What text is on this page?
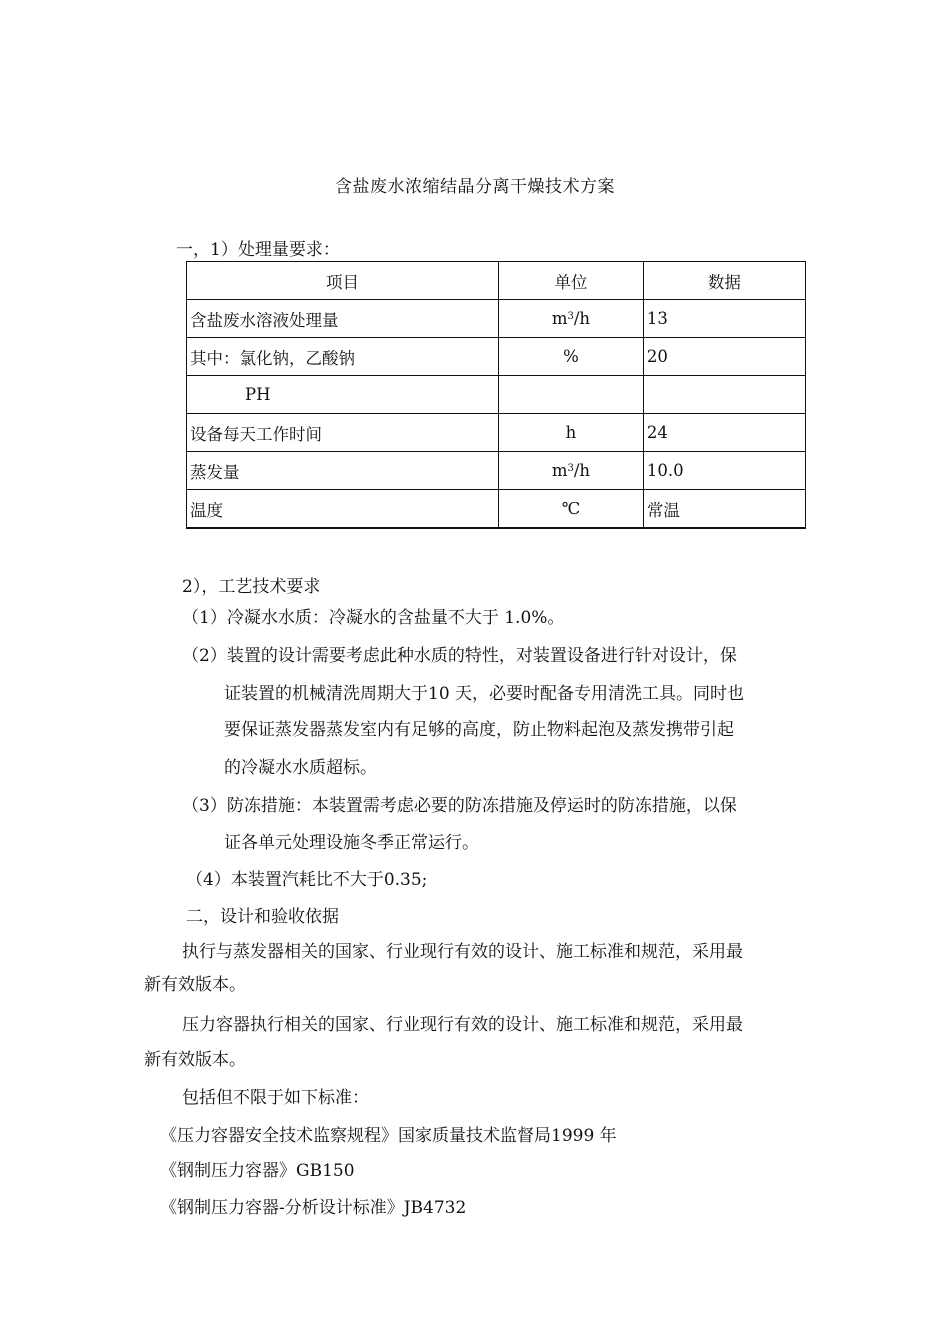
含盐废水浓缩结晶分离干燥技术方案
一，1）处理量要求：
项目	单位	数据
含盐废水溶液处理量	$m^3/h$	13
其中：氯化钠，乙酸钠	%	20
PH		
设备每天工作时间	h	24
蒸发量	$m^3/h$	10.0
温度	℃	常温
2），工艺技术要求
（1）冷凝水水质：冷凝水的含盐量不大于 1.0%。
（2）装置的设计需要考虑此种水质的特性，对装置设备进行针对设计，保
证装置的机械清洗周期大于10 天，必要时配备专用清洗工具。同时也
要保证蒸发器蒸发室内有足够的高度，防止物料起泡及蒸发携带引起
的冷凝水水质超标。
（3）防冻措施：本装置需考虑必要的防冻措施及停运时的防冻措施，以保
证各单元处理设施冬季正常运行。
（4）本装置汽耗比不大于0.35;
二，设计和验收依据
执行与蒸发器相关的国家、行业现行有效的设计、施工标准和规范，采用最
新有效版本。
压力容器执行相关的国家、行业现行有效的设计、施工标准和规范，采用最
新有效版本。
包括但不限于如下标准：
《压力容器安全技术监察规程》国家质量技术监督局1999 年
《钢制压力容器》GB150
《钢制压力容器-分析设计标准》JB4732
